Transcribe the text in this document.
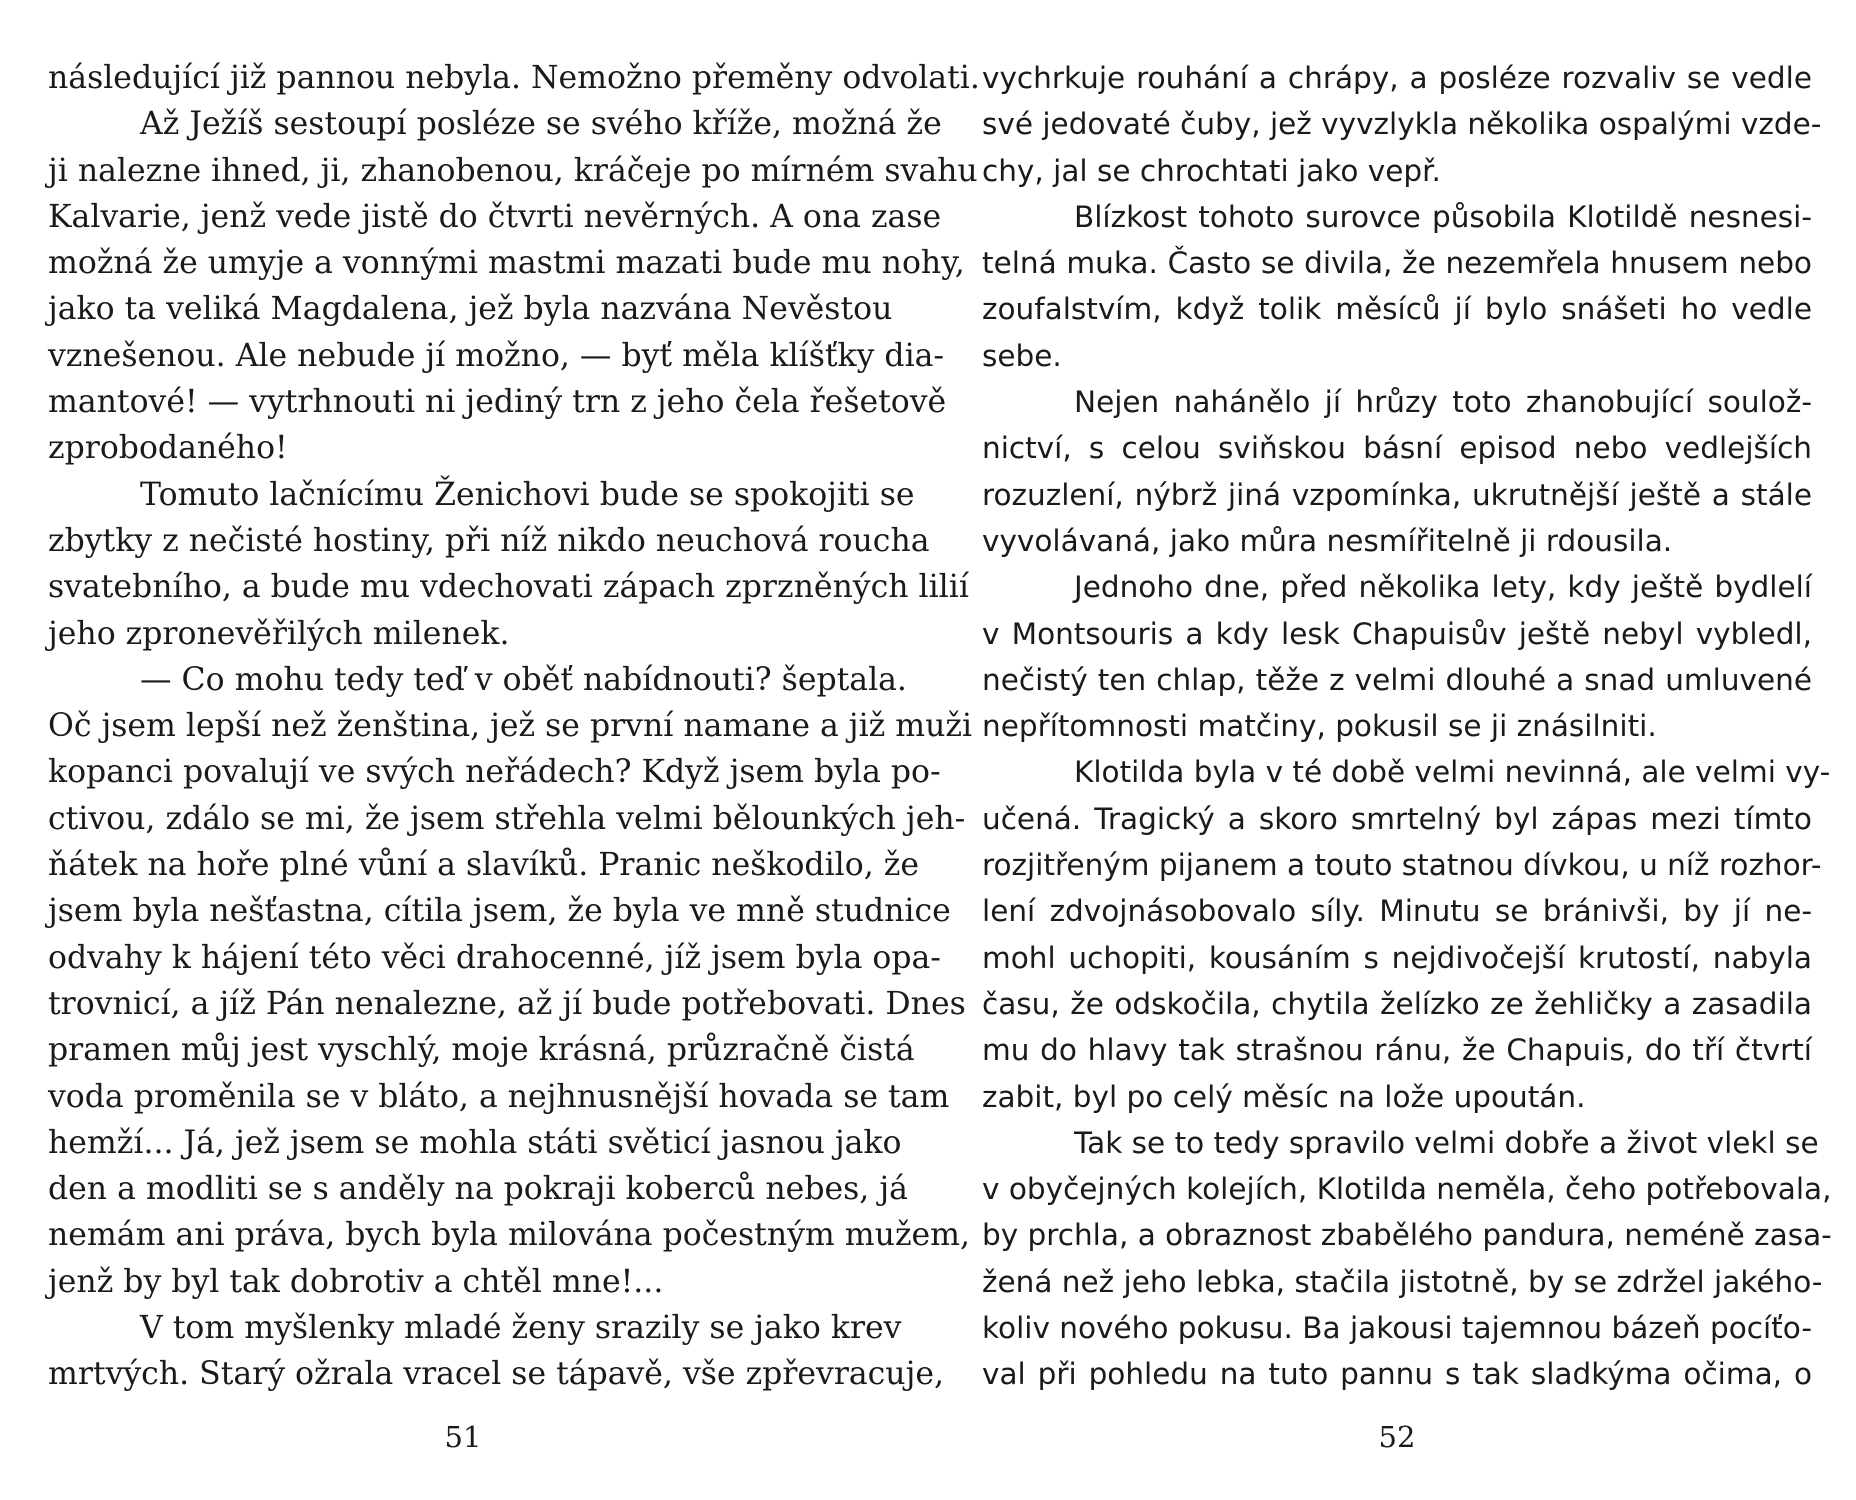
následující již pannou nebyla. Nemožno přeměny odvolati.
Až Ježíš sestoupí posléze se svého kříže, možná že
ji nalezne ihned, ji, zhanobenou, kráčeje po mírném svahu
Kalvarie, jenž vede jistě do čtvrti nevěrných. A ona zase
možná že umyje a vonnými mastmi mazati bude mu nohy,
jako ta veliká Magdalena, jež byla nazvána Nevěstou
vznešenou. Ale nebude jí možno, — byť měla klíšťky dia-
mantové! — vytrhnouti ni jediný trn z jeho čela řešetově
zprobodaného!
Tomuto lačnícímu Ženichovi bude se spokojiti se
zbytky z nečisté hostiny, při níž nikdo neuchová roucha
svatebního, a bude mu vdechovati zápach zprzněných lilií
jeho zpronevěřilých milenek.
— Co mohu tedy teď v oběť nabídnouti? šeptala.
Oč jsem lepší než ženština, jež se první namane a již muži
kopanci povalují ve svých neřádech? Když jsem byla po-
ctivou, zdálo se mi, že jsem střehla velmi bělounkých jeh-
ňátek na hoře plné vůní a slavíků. Pranic neškodilo, že
jsem byla nešťastna, cítila jsem, že byla ve mně studnice
odvahy k hájení této věci drahocenné, jíž jsem byla opa-
trovnicí, a jíž Pán nenalezne, až jí bude potřebovati. Dnes
pramen můj jest vyschlý, moje krásná, průzračně čistá
voda proměnila se v bláto, a nejhnusnější hovada se tam
hemží... Já, jež jsem se mohla státi světicí jasnou jako
den a modliti se s anděly na pokraji koberců nebes, já
nemám ani práva, bych byla milována počestným mužem,
jenž by byl tak dobrotiv a chtěl mne!...
V tom myšlenky mladé ženy srazily se jako krev
mrtvých. Starý ožrala vracel se tápavě, vše zpřevracuje,
51
vychrkuje rouhání a chrápy, a posléze rozvaliv se vedle
své jedovaté čuby, jež vyvzlykla několika ospalými vzde-
chy, jal se chrochtati jako vepř.
Blízkost tohoto surovce působila Klotildě nesnesi-
telná muka. Často se divila, že nezemřela hnusem nebo
zoufalstvím, když tolik měsíců jí bylo snášeti ho vedle
sebe.
Nejen nahánělo jí hrůzy toto zhanobující soulož-
nictví, s celou sviňskou básní episod nebo vedlejších
rozuzlení, nýbrž jiná vzpomínka, ukrutnější ještě a stále
vyvolávaná, jako můra nesmířitelně ji rdousila.
Jednoho dne, před několika lety, kdy ještě bydlelí
v Montsouris a kdy lesk Chapuisův ještě nebyl vybledl,
nečistý ten chlap, těže z velmi dlouhé a snad umluvené
nepřítomnosti matčiny, pokusil se ji znásilniti.
Klotilda byla v té době velmi nevinná, ale velmi vy-
učená. Tragický a skoro smrtelný byl zápas mezi tímto
rozjitřeným pijanem a touto statnou dívkou, u níž rozhor-
lení zdvojnásobovalo síly. Minutu se bránivši, by jí ne-
mohl uchopiti, kousáním s nejdivočejší krutostí, nabyla
času, že odskočila, chytila želízko ze žehličky a zasadila
mu do hlavy tak strašnou ránu, že Chapuis, do tří čtvrtí
zabit, byl po celý měsíc na lože upoután.
Tak se to tedy spravilo velmi dobře a život vlekl se
v obyčejných kolejích, Klotilda neměla, čeho potřebovala,
by prchla, a obraznost zbabělého pandura, neméně zasa-
žená než jeho lebka, stačila jistotně, by se zdržel jakého-
koliv nového pokusu. Ba jakousi tajemnou bázeň pocíťo-
val při pohledu na tuto pannu s tak sladkýma očima, o
52
